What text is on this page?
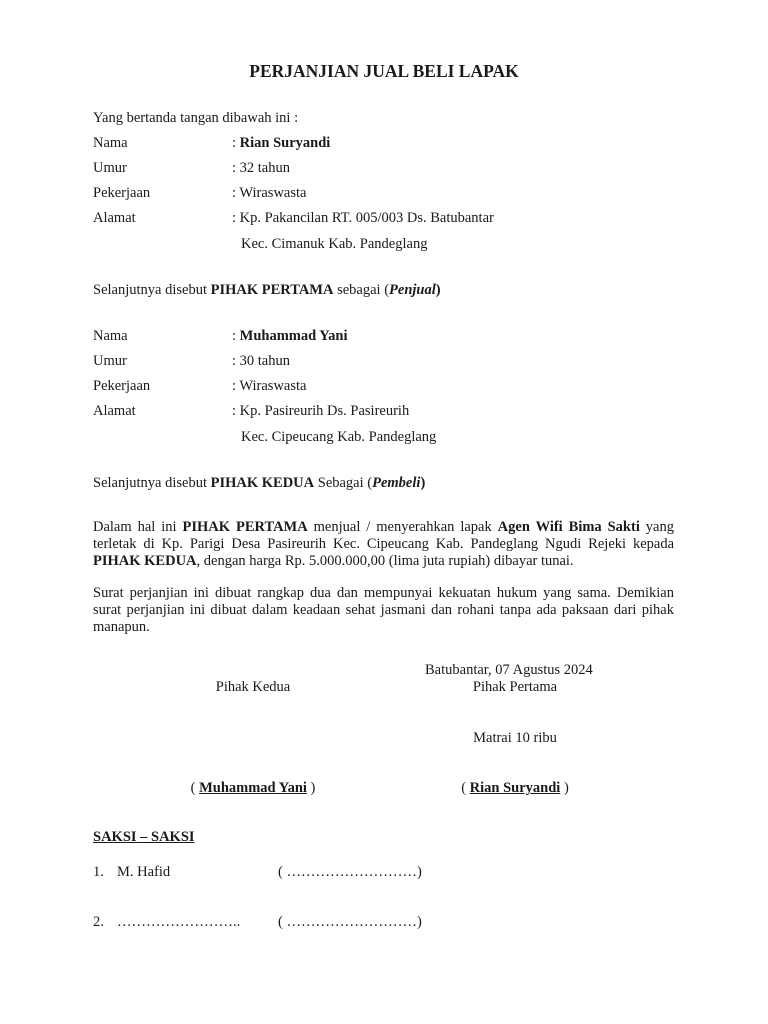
PERJANJIAN JUAL BELI LAPAK
Yang bertanda tangan dibawah ini :
Nama	: Rian Suryandi
Umur	: 32 tahun
Pekerjaan	: Wiraswasta
Alamat	: Kp. Pakancilan RT. 005/003 Ds. Batubantar
Kec. Cimanuk Kab. Pandeglang
Selanjutnya disebut PIHAK PERTAMA sebagai (Penjual)
Nama	: Muhammad Yani
Umur	: 30 tahun
Pekerjaan	: Wiraswasta
Alamat	: Kp. Pasireurih Ds. Pasireurih
Kec. Cipeucang Kab. Pandeglang
Selanjutnya disebut PIHAK KEDUA Sebagai (Pembeli)
Dalam hal ini PIHAK PERTAMA menjual / menyerahkan lapak Agen Wifi Bima Sakti yang terletak di Kp. Parigi Desa Pasireurih Kec. Cipeucang Kab. Pandeglang Ngudi Rejeki kepada PIHAK KEDUA, dengan harga Rp. 5.000.000,00 (lima juta rupiah) dibayar tunai.
Surat perjanjian ini dibuat rangkap dua dan mempunyai kekuatan hukum yang sama. Demikian surat perjanjian ini dibuat dalam keadaan sehat jasmani dan rohani tanpa ada paksaan dari pihak manapun.
Batubantar, 07 Agustus 2024
Pihak Kedua	Pihak Pertama
Matrai 10 ribu
( Muhammad Yani )	( Rian Suryandi )
SAKSI – SAKSI
1. M. Hafid	( ………………………)
2. ……………………..	( ………………………)
